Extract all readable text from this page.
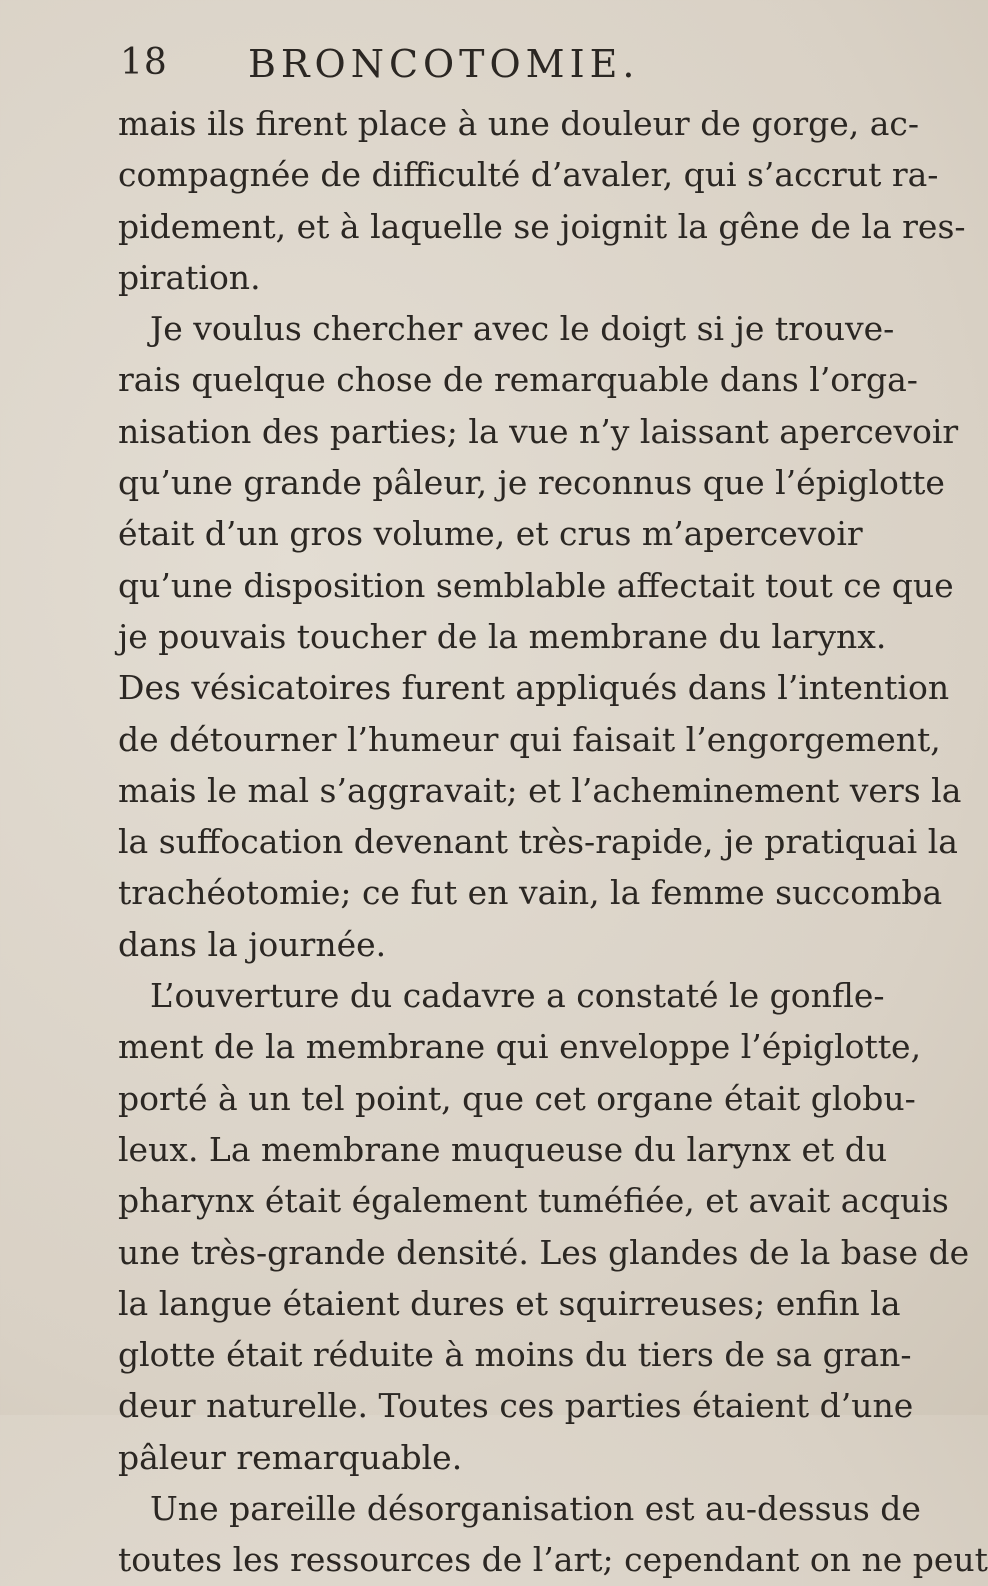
18 BRONCOTOMIE.
mais ils firent place à une douleur de gorge, ac-
compagnée de difficulté d’avaler, qui s’accrut ra-
pidement, et à laquelle se joignit la gêne de la res-
piration.
Je voulus chercher avec le doigt si je trouve-
rais quelque chose de remarquable dans l’orga-
nisation des parties; la vue n’y laissant apercevoir
qu’une grande pâleur, je reconnus que l’épiglotte
était d’un gros volume, et crus m’apercevoir
qu’une disposition semblable affectait tout ce que
je pouvais toucher de la membrane du larynx.
Des vésicatoires furent appliqués dans l’intention
de détourner l’humeur qui faisait l’engorgement,
mais le mal s’aggravait; et l’acheminement vers la
la suffocation devenant très-rapide, je pratiquai la
trachéotomie; ce fut en vain, la femme succomba
dans la journée.
L’ouverture du cadavre a constaté le gonfle-
ment de la membrane qui enveloppe l’épiglotte,
porté à un tel point, que cet organe était globu-
leux. La membrane muqueuse du larynx et du
pharynx était également tuméfiée, et avait acquis
une très-grande densité. Les glandes de la base de
la langue étaient dures et squirreuses; enfin la
glotte était réduite à moins du tiers de sa gran-
deur naturelle. Toutes ces parties étaient d’une
pâleur remarquable.
Une pareille désorganisation est au-dessus de
toutes les ressources de l’art; cependant on ne peut
